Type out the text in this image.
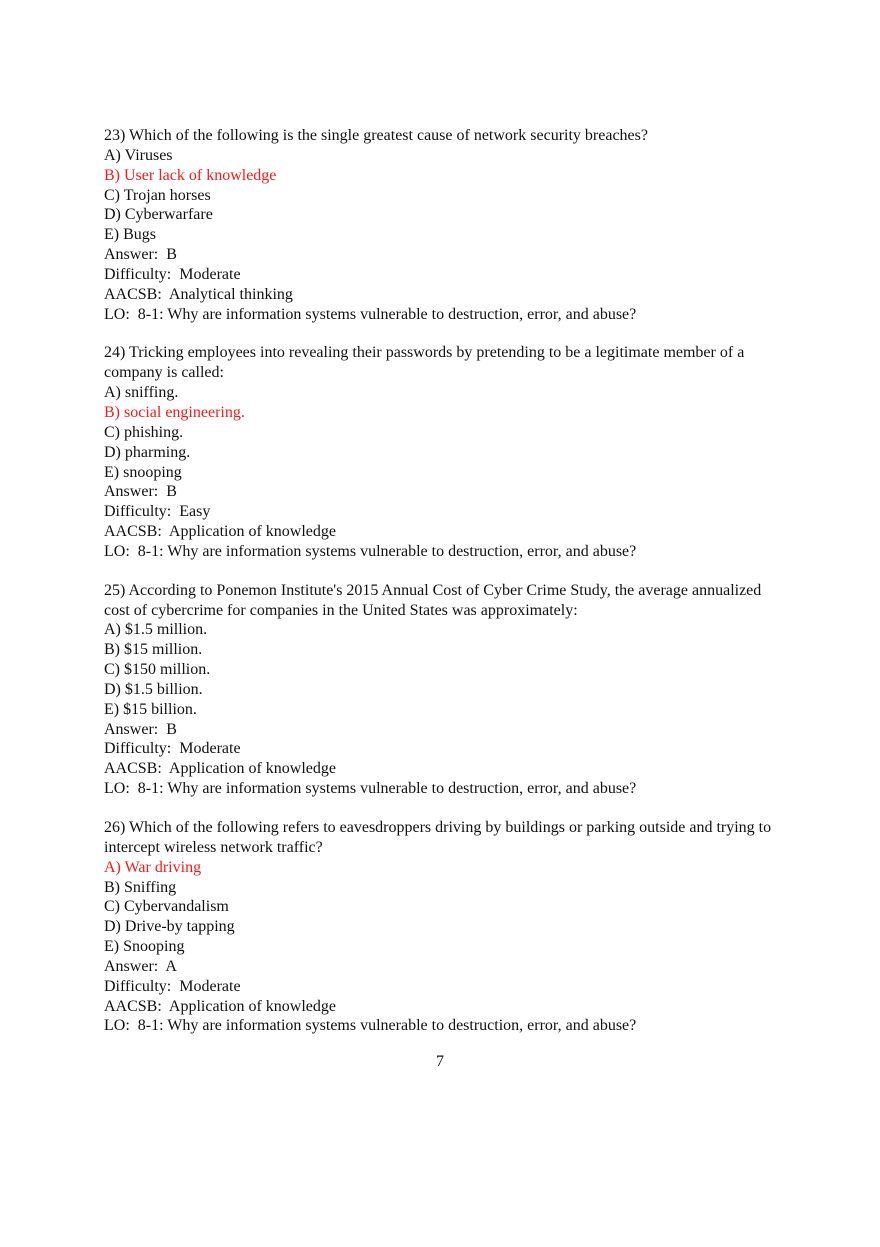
23) Which of the following is the single greatest cause of network security breaches?

A) Viruses

B) User lack of knowledge

C) Trojan horses

D) Cyberwarfare

E) Bugs

Answer:  B

Difficulty:  Moderate

AACSB:  Analytical thinking

LO:  8-1: Why are information systems vulnerable to destruction, error, and abuse?

24) Tricking employees into revealing their passwords by pretending to be a legitimate member of a company is called:

A) sniffing.

B) social engineering.

C) phishing.

D) pharming.

E) snooping

Answer:  B

Difficulty:  Easy

AACSB:  Application of knowledge

LO:  8-1: Why are information systems vulnerable to destruction, error, and abuse?

25) According to Ponemon Institute's 2015 Annual Cost of Cyber Crime Study, the average annualized cost of cybercrime for companies in the United States was approximately:

A) $1.5 million.

B) $15 million.

C) $150 million.

D) $1.5 billion.

E) $15 billion.

Answer:  B

Difficulty:  Moderate

AACSB:  Application of knowledge

LO:  8-1: Why are information systems vulnerable to destruction, error, and abuse?

26) Which of the following refers to eavesdroppers driving by buildings or parking outside and trying to intercept wireless network traffic?

A) War driving

B) Sniffing

C) Cybervandalism

D) Drive-by tapping

E) Snooping

Answer:  A

Difficulty:  Moderate

AACSB:  Application of knowledge

LO:  8-1: Why are information systems vulnerable to destruction, error, and abuse?

7
